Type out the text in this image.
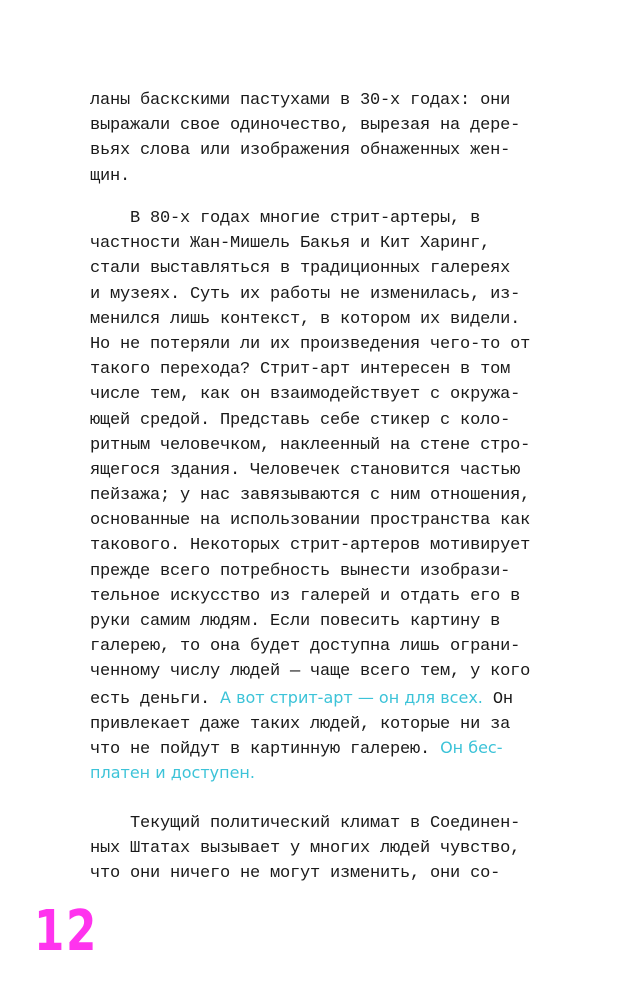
ланы баскскими пастухами в 30-х годах: они
выражали свое одиночество, вырезая на дере-
вьях слова или изображения обнаженных жен-
щин.
В 80-х годах многие стрит-артеры, в
частности Жан-Мишель Бакья и Кит Харинг,
стали выставляться в традиционных галереях
и музеях. Суть их работы не изменилась, из-
менился лишь контекст, в котором их видели.
Но не потеряли ли их произведения чего-то от
такого перехода? Стрит-арт интересен в том
числе тем, как он взаимодействует с окружа-
ющей средой. Представь себе стикер с коло-
ритным человечком, наклеенный на стене стро-
ящегося здания. Человечек становится частью
пейзажа; у нас завязываются с ним отношения,
основанные на использовании пространства как
такового. Некоторых стрит-артеров мотивирует
прежде всего потребность вынести изобрази-
тельное искусство из галерей и отдать его в
руки самим людям. Если повесить картину в
галерею, то она будет доступна лишь ограни-
ченному числу людей — чаще всего тем, у кого
есть деньги. А вот стрит-арт — он для всех. Он
привлекает даже таких людей, которые ни за
что не пойдут в картинную галерею. Он бес-
платен и доступен.
Текущий политический климат в Соединен-
ных Штатах вызывает у многих людей чувство,
что они ничего не могут изменить, они со-
12
